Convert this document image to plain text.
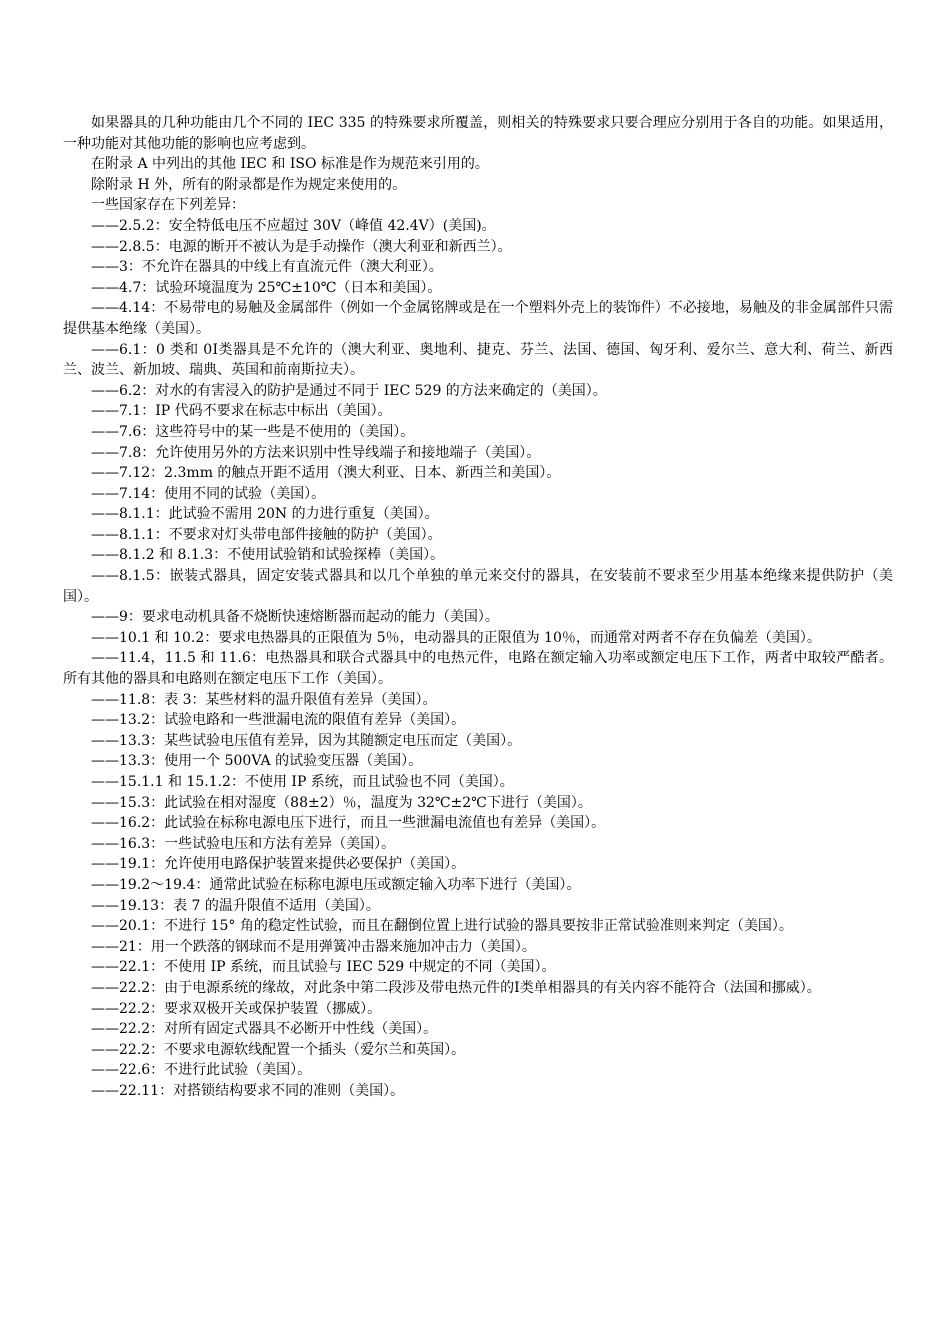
如果器具的几种功能由几个不同的 IEC 335 的特殊要求所覆盖，则相关的特殊要求只要合理应分别用于各自的功能。如果适用，一种功能对其他功能的影响也应考虑到。

在附录 A 中列出的其他 IEC 和 ISO 标准是作为规范来引用的。

除附录 H 外，所有的附录都是作为规定来使用的。

一些国家存在下列差异：

——2.5.2：安全特低电压不应超过 30V（峰值 42.4V）(美国)。

——2.8.5：电源的断开不被认为是手动操作（澳大利亚和新西兰）。

——3：不允许在器具的中线上有直流元件（澳大利亚）。

——4.7：试验环境温度为 25℃±10℃（日本和美国）。

——4.14：不易带电的易触及金属部件（例如一个金属铭牌或是在一个塑料外壳上的装饰件）不必接地，易触及的非金属部件只需提供基本绝缘（美国）。

——6.1：0 类和 0Ⅰ类器具是不允许的（澳大利亚、奥地利、捷克、芬兰、法国、德国、匈牙利、爱尔兰、意大利、荷兰、新西兰、波兰、新加坡、瑞典、英国和前南斯拉夫）。

——6.2：对水的有害浸入的防护是通过不同于 IEC 529 的方法来确定的（美国）。

——7.1：IP 代码不要求在标志中标出（美国）。

——7.6：这些符号中的某一些是不使用的（美国）。

——7.8：允许使用另外的方法来识别中性导线端子和接地端子（美国）。

——7.12：2.3mm 的触点开距不适用（澳大利亚、日本、新西兰和美国）。

——7.14：使用不同的试验（美国）。

——8.1.1：此试验不需用 20N 的力进行重复（美国）。

——8.1.1：不要求对灯头带电部件接触的防护（美国）。

——8.1.2 和 8.1.3：不使用试验销和试验探棒（美国）。

——8.1.5：嵌装式器具，固定安装式器具和以几个单独的单元来交付的器具，在安装前不要求至少用基本绝缘来提供防护（美国）。

——9：要求电动机具备不烧断快速熔断器而起动的能力（美国）。

——10.1 和 10.2：要求电热器具的正限值为 5％，电动器具的正限值为 10％，而通常对两者不存在负偏差（美国）。

——11.4，11.5 和 11.6：电热器具和联合式器具中的电热元件，电路在额定输入功率或额定电压下工作，两者中取较严酷者。所有其他的器具和电路则在额定电压下工作（美国）。

——11.8：表 3：某些材料的温升限值有差异（美国）。

——13.2：试验电路和一些泄漏电流的限值有差异（美国）。

——13.3：某些试验电压值有差异，因为其随额定电压而定（美国）。

——13.3：使用一个 500VA 的试验变压器（美国）。

——15.1.1 和 15.1.2：不使用 IP 系统，而且试验也不同（美国）。

——15.3：此试验在相对湿度（88±2）％，温度为 32℃±2℃下进行（美国）。

——16.2：此试验在标称电源电压下进行，而且一些泄漏电流值也有差异（美国）。

——16.3：一些试验电压和方法有差异（美国）。

——19.1：允许使用电路保护装置来提供必要保护（美国）。

——19.2～19.4：通常此试验在标称电源电压或额定输入功率下进行（美国）。

——19.13：表 7 的温升限值不适用（美国）。

——20.1：不进行 15° 角的稳定性试验，而且在翻倒位置上进行试验的器具要按非正常试验准则来判定（美国）。

——21：用一个跌落的钢球而不是用弹簧冲击器来施加冲击力（美国）。

——22.1：不使用 IP 系统，而且试验与 IEC 529 中规定的不同（美国）。

——22.2：由于电源系统的缘故，对此条中第二段涉及带电热元件的Ⅰ类单相器具的有关内容不能符合（法国和挪威）。

——22.2：要求双极开关或保护装置（挪威）。

——22.2：对所有固定式器具不必断开中性线（美国）。

——22.2：不要求电源软线配置一个插头（爱尔兰和英国）。

——22.6：不进行此试验（美国）。

——22.11：对搭锁结构要求不同的准则（美国）。
